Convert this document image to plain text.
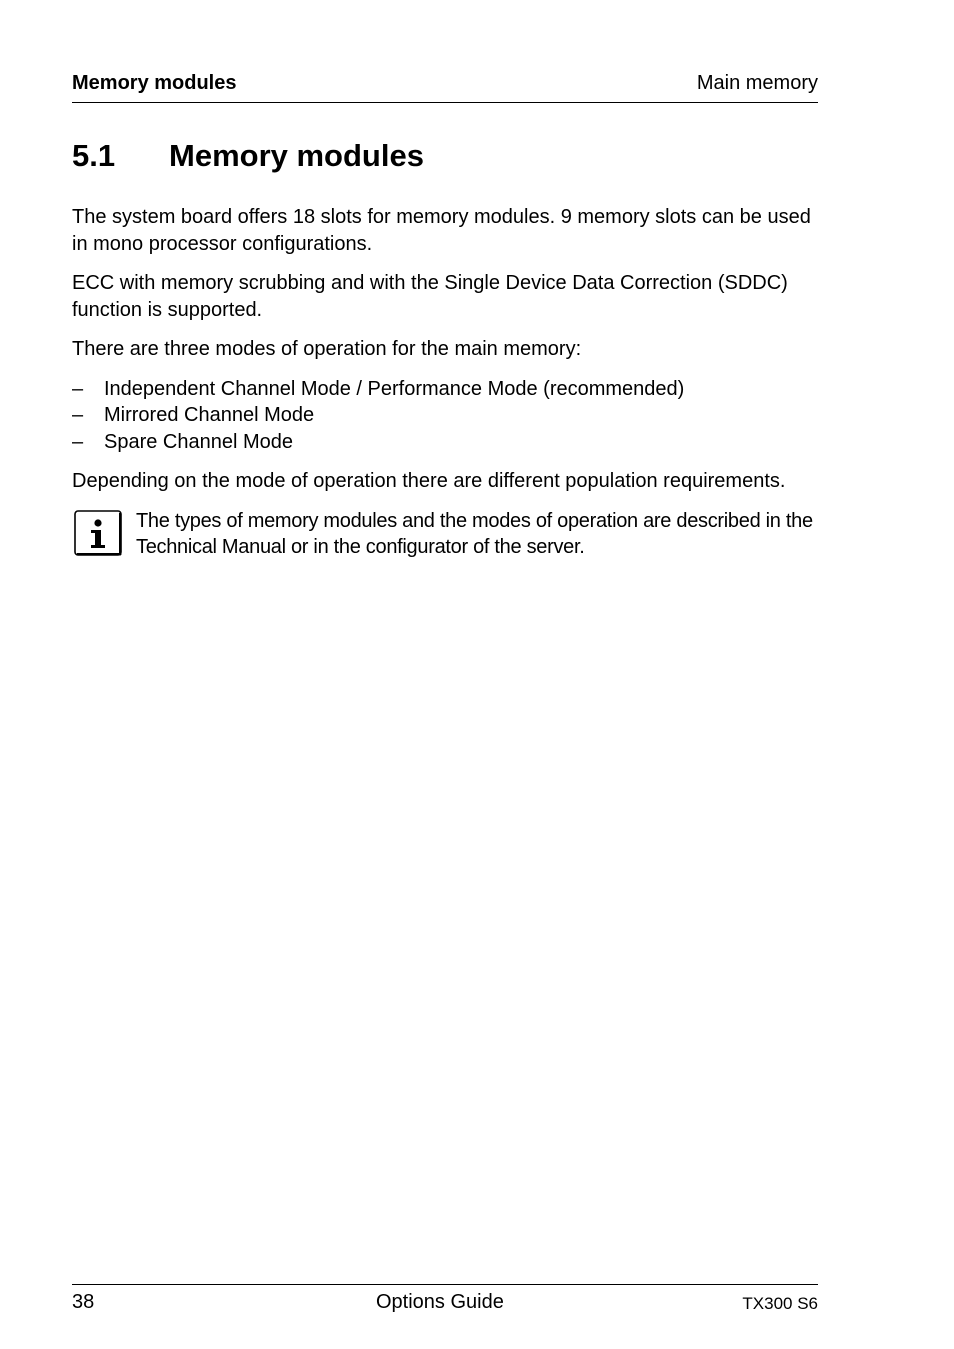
Memory modules	Main memory
5.1 Memory modules

The system board offers 18 slots for memory modules. 9 memory slots can be used in mono processor configurations.

ECC with memory scrubbing and with the Single Device Data Correction (SDDC) function is supported.

There are three modes of operation for the main memory:

– Independent Channel Mode / Performance Mode (recommended)
– Mirrored Channel Mode
– Spare Channel Mode

Depending on the mode of operation there are different population requirements.

The types of memory modules and the modes of operation are described in the Technical Manual or in the configurator of the server.
38	Options Guide	TX300 S6
